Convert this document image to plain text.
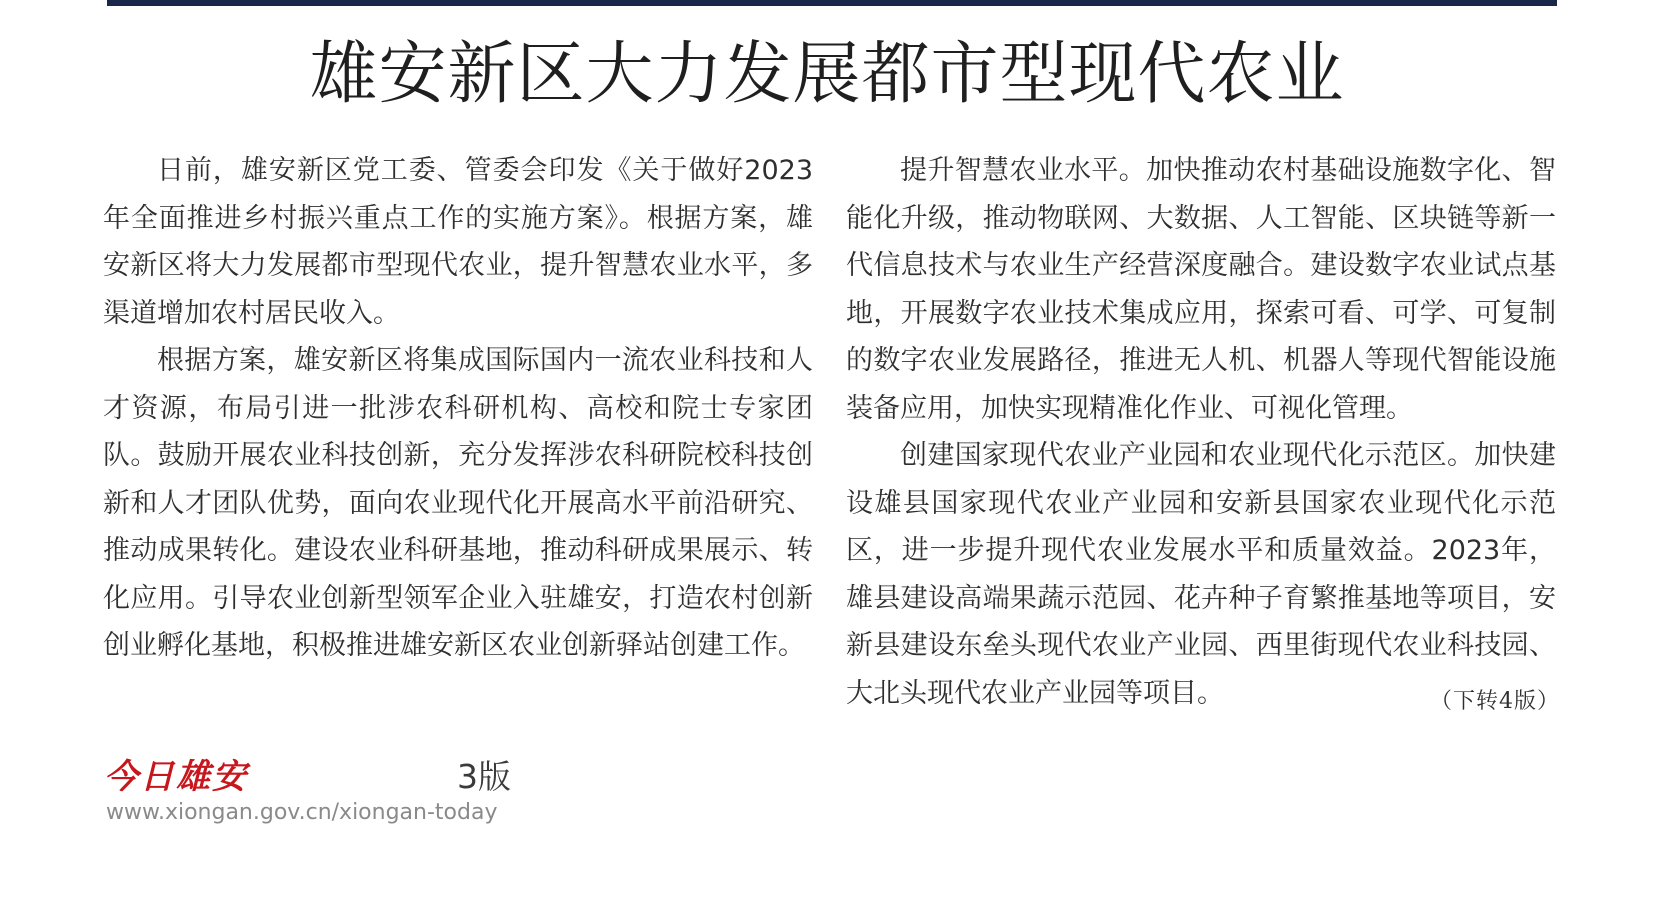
雄安新区大力发展都市型现代农业

日前，雄安新区党工委、管委会印发《关于做好2023年全面推进乡村振兴重点工作的实施方案》。根据方案，雄安新区将大力发展都市型现代农业，提升智慧农业水平，多渠道增加农村居民收入。

根据方案，雄安新区将集成国际国内一流农业科技和人才资源，布局引进一批涉农科研机构、高校和院士专家团队。鼓励开展农业科技创新，充分发挥涉农科研院校科技创新和人才团队优势，面向农业现代化开展高水平前沿研究、推动成果转化。建设农业科研基地，推动科研成果展示、转化应用。引导农业创新型领军企业入驻雄安，打造农村创新创业孵化基地，积极推进雄安新区农业创新驿站创建工作。

提升智慧农业水平。加快推动农村基础设施数字化、智能化升级，推动物联网、大数据、人工智能、区块链等新一代信息技术与农业生产经营深度融合。建设数字农业试点基地，开展数字农业技术集成应用，探索可看、可学、可复制的数字农业发展路径，推进无人机、机器人等现代智能设施装备应用，加快实现精准化作业、可视化管理。

创建国家现代农业产业园和农业现代化示范区。加快建设雄县国家现代农业产业园和安新县国家农业现代化示范区，进一步提升现代农业发展水平和质量效益。2023年，雄县建设高端果蔬示范园、花卉种子育繁推基地等项目，安新县建设东垒头现代农业产业园、西里街现代农业科技园、大北头现代农业产业园等项目。	（下转4版）
今日雄安	3版
www.xiongan.gov.cn/xiongan-today
